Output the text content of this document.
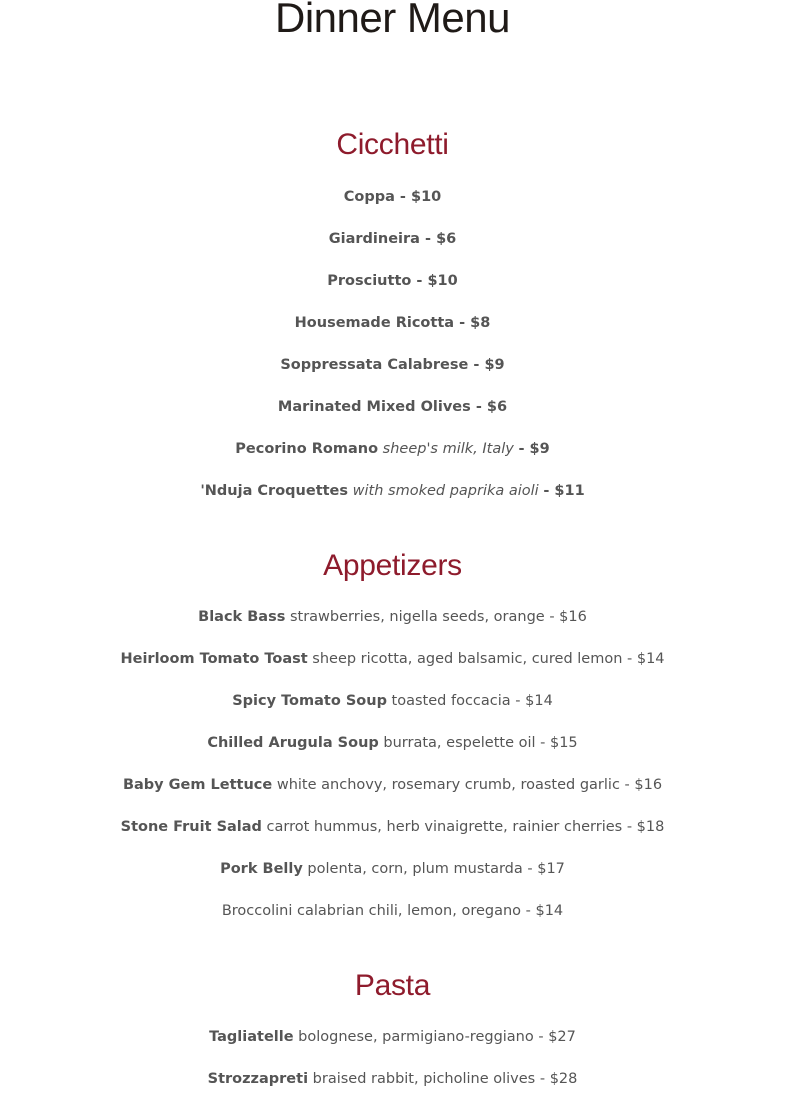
Dinner Menu
Cicchetti

Coppa - $10

Giardineira - $6

Prosciutto - $10

Housemade Ricotta - $8

Soppressata Calabrese - $9

Marinated Mixed Olives - $6

Pecorino Romano sheep's milk, Italy - $9

'Nduja Croquettes with smoked paprika aioli - $11

Appetizers

Black Bass strawberries, nigella seeds, orange - $16

Heirloom Tomato Toast sheep ricotta, aged balsamic, cured lemon - $14

Spicy Tomato Soup toasted foccacia - $14

Chilled Arugula Soup burrata, espelette oil - $15

Baby Gem Lettuce white anchovy, rosemary crumb, roasted garlic - $16

Stone Fruit Salad carrot hummus, herb vinaigrette, rainier cherries - $18

Pork Belly polenta, corn, plum mustarda - $17

Broccolini calabrian chili, lemon, oregano - $14

Pasta

Tagliatelle bolognese, parmigiano-reggiano - $27

Strozzapreti braised rabbit, picholine olives - $28
